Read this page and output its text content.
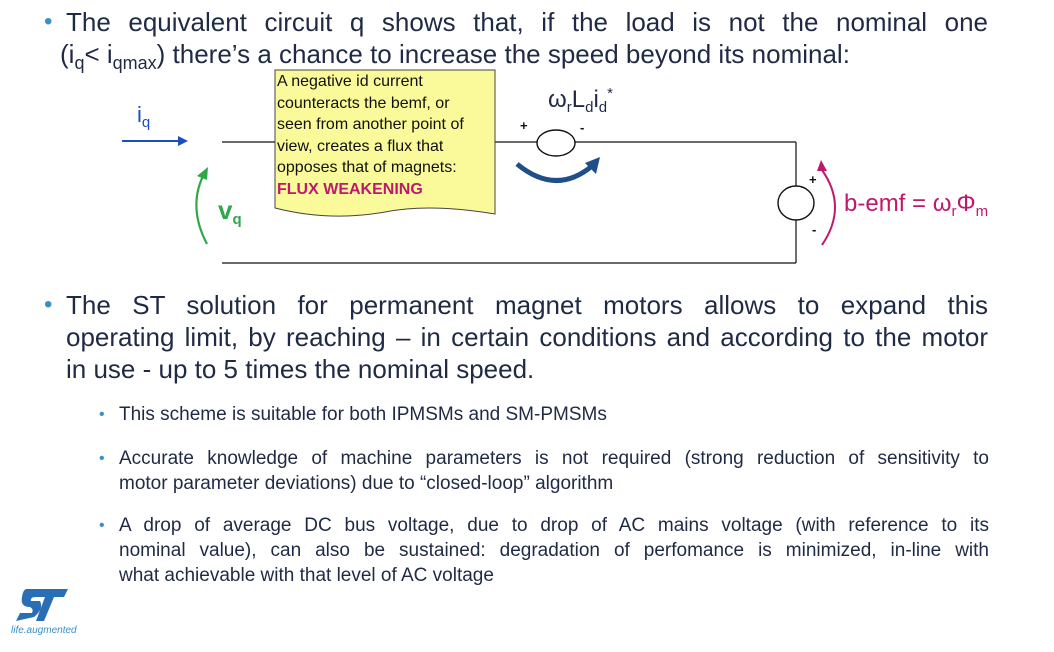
• The equivalent circuit q shows that, if the load is not the nominal one
$(i_q< i_{qmax})$ there’s a chance to increase the speed beyond its nominal:
A negative id current
counteracts the bemf, or
seen from another point of
view, creates a flux that
opposes that of magnets:
FLUX WEAKENING
$i_q$
$v_q$
$\omega_rL_di_d^*$
+	-
+
-
$b-emf = \omega_r\Phi_m$
• The ST solution for permanent magnet motors allows to expand this
operating limit, by reaching – in certain conditions and according to the motor
in use - up to 5 times the nominal speed.
• This scheme is suitable for both IPMSMs and SM-PMSMs
• Accurate knowledge of machine parameters is not required (strong reduction of sensitivity to
motor parameter deviations) due to “closed-loop” algorithm
• A drop of average DC bus voltage, due to drop of AC mains voltage (with reference to its
nominal value), can also be sustained: degradation of perfomance is minimized, in-line with
what achievable with that level of AC voltage
life.augmented
